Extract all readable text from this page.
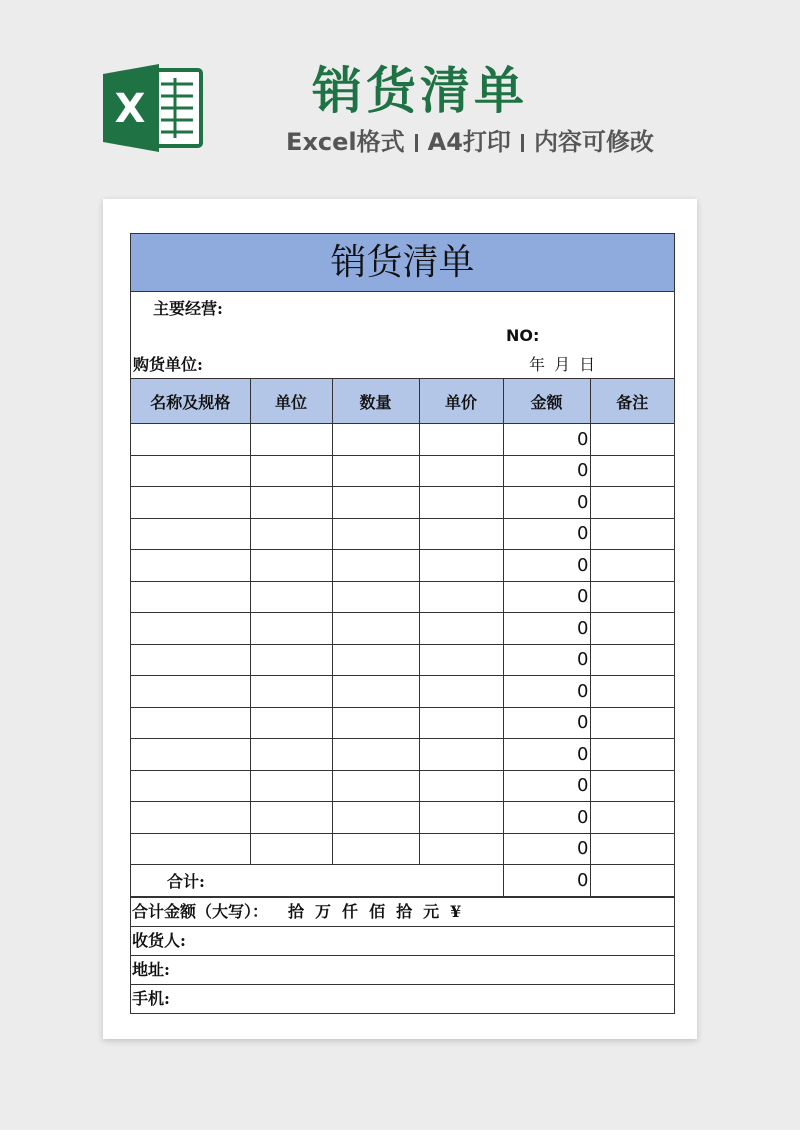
X	销货清单
Excel格式 A4打印 内容可修改
销货清单
主要经营:
NO:
购货单位:	年 月 日
名称及规格	单位	数量	单价	金额	备注
				0	
				0	
				0	
				0	
				0	
				0	
				0	
				0	
				0	
				0	
				0	
				0	
				0	
				0	
合计:				0	
合计金额（大写）： 拾 万 仟 佰 拾 元 ¥
收货人:
地址:
手机:
